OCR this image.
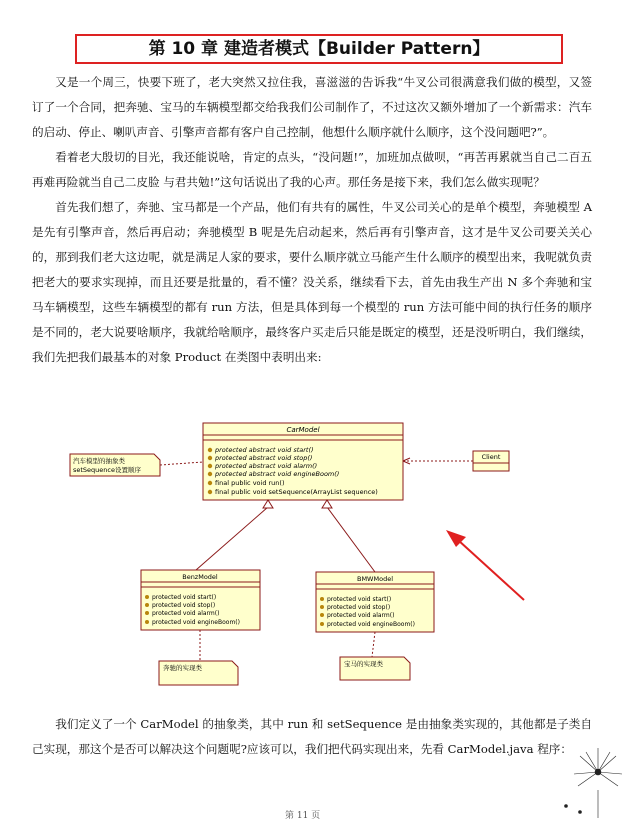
第 10 章 建造者模式【Builder Pattern】

又是一个周三，快要下班了，老大突然又拉住我，喜滋滋的告诉我“牛叉公司很满意我们做的模型，又签订了一个合同，把奔驰、宝马的车辆模型都交给我我们公司制作了，不过这次又额外增加了一个新需求：汽车的启动、停止、喇叭声音、引擎声音都有客户自己控制，他想什么顺序就什么顺序，这个没问题吧?”。

看着老大殷切的目光，我还能说啥，肯定的点头，“没问题!”，加班加点做呗，“再苦再累就当自己二百五 再难再险就当自己二皮脸 与君共勉!”这句话说出了我的心声。那任务是接下来，我们怎么做实现呢？

首先我们想了，奔驰、宝马都是一个产品，他们有共有的属性，牛叉公司关心的是单个模型，奔驰模型 A 是先有引擎声音，然后再启动；奔驰模型 B 呢是先启动起来，然后再有引擎声音，这才是牛叉公司要关关心的，那到我们老大这边呢，就是满足人家的要求，要什么顺序就立马能产生什么顺序的模型出来，我呢就负责把老大的要求实现掉，而且还要是批量的，看不懂？没关系，继续看下去，首先由我生产出 N 多个奔驰和宝马车辆模型，这些车辆模型的都有 run 方法，但是具体到每一个模型的 run 方法可能中间的执行任务的顺序是不同的，老大说要啥顺序，我就给啥顺序，最终客户买走后只能是既定的模型，还是没听明白，我们继续，我们先把我们最基本的对象 Product 在类图中表明出来:

CarModel
protected abstract void start()
protected abstract void stop()
protected abstract void alarm()
protected abstract void engineBoom()
final public void run()
final public void setSequence(ArrayList sequence)
汽车模型的抽象类
setSequence设置顺序
Client
BenzModel
protected void start()
protected void stop()
protected void alarm()
protected void engineBoom()
BMWModel
protected void start()
protected void stop()
protected void alarm()
protected void engineBoom()
奔驰的实现类	宝马的实现类

我们定义了一个 CarModel 的抽象类，其中 run 和 setSequence 是由抽象类实现的，其他都是子类自己实现，那这个是否可以解决这个问题呢?应该可以，我们把代码实现出来，先看 CarModel.java 程序：

第 11 页
